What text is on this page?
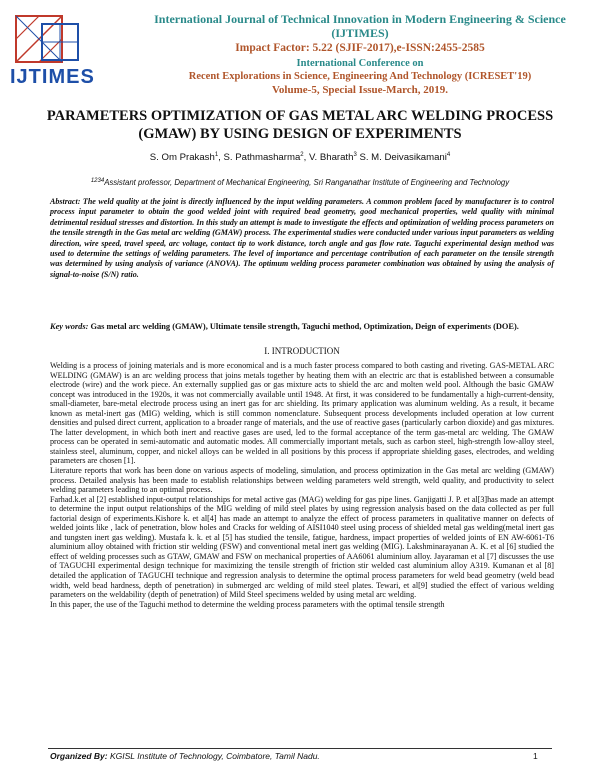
IJTIMES
International Journal of Technical Innovation in Modern Engineering & Science (IJTIMES)
Impact Factor: 5.22 (SJIF-2017),e-ISSN:2455-2585
International Conference on
Recent Explorations in Science, Engineering And Technology (ICRESET'19)
Volume-5, Special Issue-March, 2019.
PARAMETERS OPTIMIZATION OF GAS METAL ARC WELDING PROCESS (GMAW) BY USING DESIGN OF EXPERIMENTS
S. Om Prakash$^1$, S. Pathmasharma$^2$, V. Bharath$^3$ S. M. Deivasikamani$^4$
$^{1234}$Assistant professor, Department of Mechanical Engineering, Sri Ranganathar Institute of Engineering and Technology
Abstract: The weld quality at the joint is directly influenced by the input welding parameters. A common problem faced by manufacturer is to control process input parameter to obtain the good welded joint with required bead geometry, good mechanical properties, weld quality with minimal detrimental residual stresses and distortion. In this study an attempt is made to investigate the effects and optimization of welding process parameters on the tensile strength in the Gas metal arc welding (GMAW) process. The experimental studies were conducted under various input parameters as welding direction, wire speed, travel speed, arc voltage, contact tip to work distance, torch angle and gas flow rate. Taguchi experimental design method was used to determine the settings of welding parameters. The level of importance and percentage contribution of each parameter on the tensile strength was determined by using analysis of variance (ANOVA). The optimum welding process parameter combination was obtained by using the analysis of signal-to-noise (S/N) ratio.
Key words: Gas metal arc welding (GMAW), Ultimate tensile strength, Taguchi method, Optimization, Deign of experiments (DOE).
I. INTRODUCTION

Welding is a process of joining materials and is more economical and is a much faster process compared to both casting and riveting. GAS-METAL ARC WELDING (GMAW) is an arc welding process that joins metals together by heating them with an electric arc that is established between a consumable electrode (wire) and the work piece. An externally supplied gas or gas mixture acts to shield the arc and molten weld pool. Although the basic GMAW concept was introduced in the 1920s, it was not commercially available until 1948. At first, it was considered to be fundamentally a high-current-density, small-diameter, bare-metal electrode process using an inert gas for arc shielding. Its primary application was aluminum welding. As a result, it became known as metal-inert gas (MIG) welding, which is still common nomenclature. Subsequent process developments included operation at low current densities and pulsed direct current, application to a broader range of materials, and the use of reactive gases (particularly carbon dioxide) and gas mixtures. The latter development, in which both inert and reactive gases are used, led to the formal acceptance of the term gas-metal arc welding. The GMAW process can be operated in semi-automatic and automatic modes. All commercially important metals, such as carbon steel, high-strength low-alloy steel, stainless steel, aluminum, copper, and nickel alloys can be welded in all positions by this process if appropriate shielding gases, electrodes, and welding parameters are chosen [1].

Literature reports that work has been done on various aspects of modeling, simulation, and process optimization in the Gas metal arc welding (GMAW) process. Detailed analysis has been made to establish relationships between welding parameters weld strength, weld quality, and productivity to select welding parameters leading to an optimal process.

Farhad.k.et al [2] established input-output relationships for metal active gas (MAG) welding for gas pipe lines. Ganjigatti J. P. et al[3]has made an attempt to determine the input output relationships of the MIG welding of mild steel plates by using regression analysis based on the data collected as per full factorial design of experiments.Kishore k. et al[4] has made an attempt to analyze the effect of process parameters in qualitative manner on defects of welded joints like , lack of penetration, blow holes and Cracks for welding of AISI1040 steel using process of shielded metal gas welding(metal inert gas and tungsten inert gas welding). Mustafa k. k. et al [5] has studied the tensile, fatigue, hardness, impact properties of welded joints of EN AW-6061-T6 aluminium alloy obtained with friction stir welding (FSW) and conventional metal inert gas welding (MIG). Lakshminarayanan A. K. et al [6] studied the effect of welding processes such as GTAW, GMAW and FSW on mechanical properties of AA6061 aluminium alloy. Jayaraman et al [7] discusses the use of TAGUCHI experimental design technique for maximizing the tensile strength of friction stir welded cast aluminium alloy A319. Kumanan et al [8] detailed the application of TAGUCHI technique and regression analysis to determine the optimal process parameters for weld bead geometry (weld bead width, weld bead hardness, depth of penetration) in submerged arc welding of mild steel plates. Tewari, et al[9] studied the effect of various welding parameters on the weldability (depth of penetration) of Mild Steel specimens welded by using metal arc welding.

In this paper, the use of the Taguchi method to determine the welding process parameters with the optimal tensile strength

Organized By: KGISL Institute of Technology, Coimbatore, Tamil Nadu.	1
